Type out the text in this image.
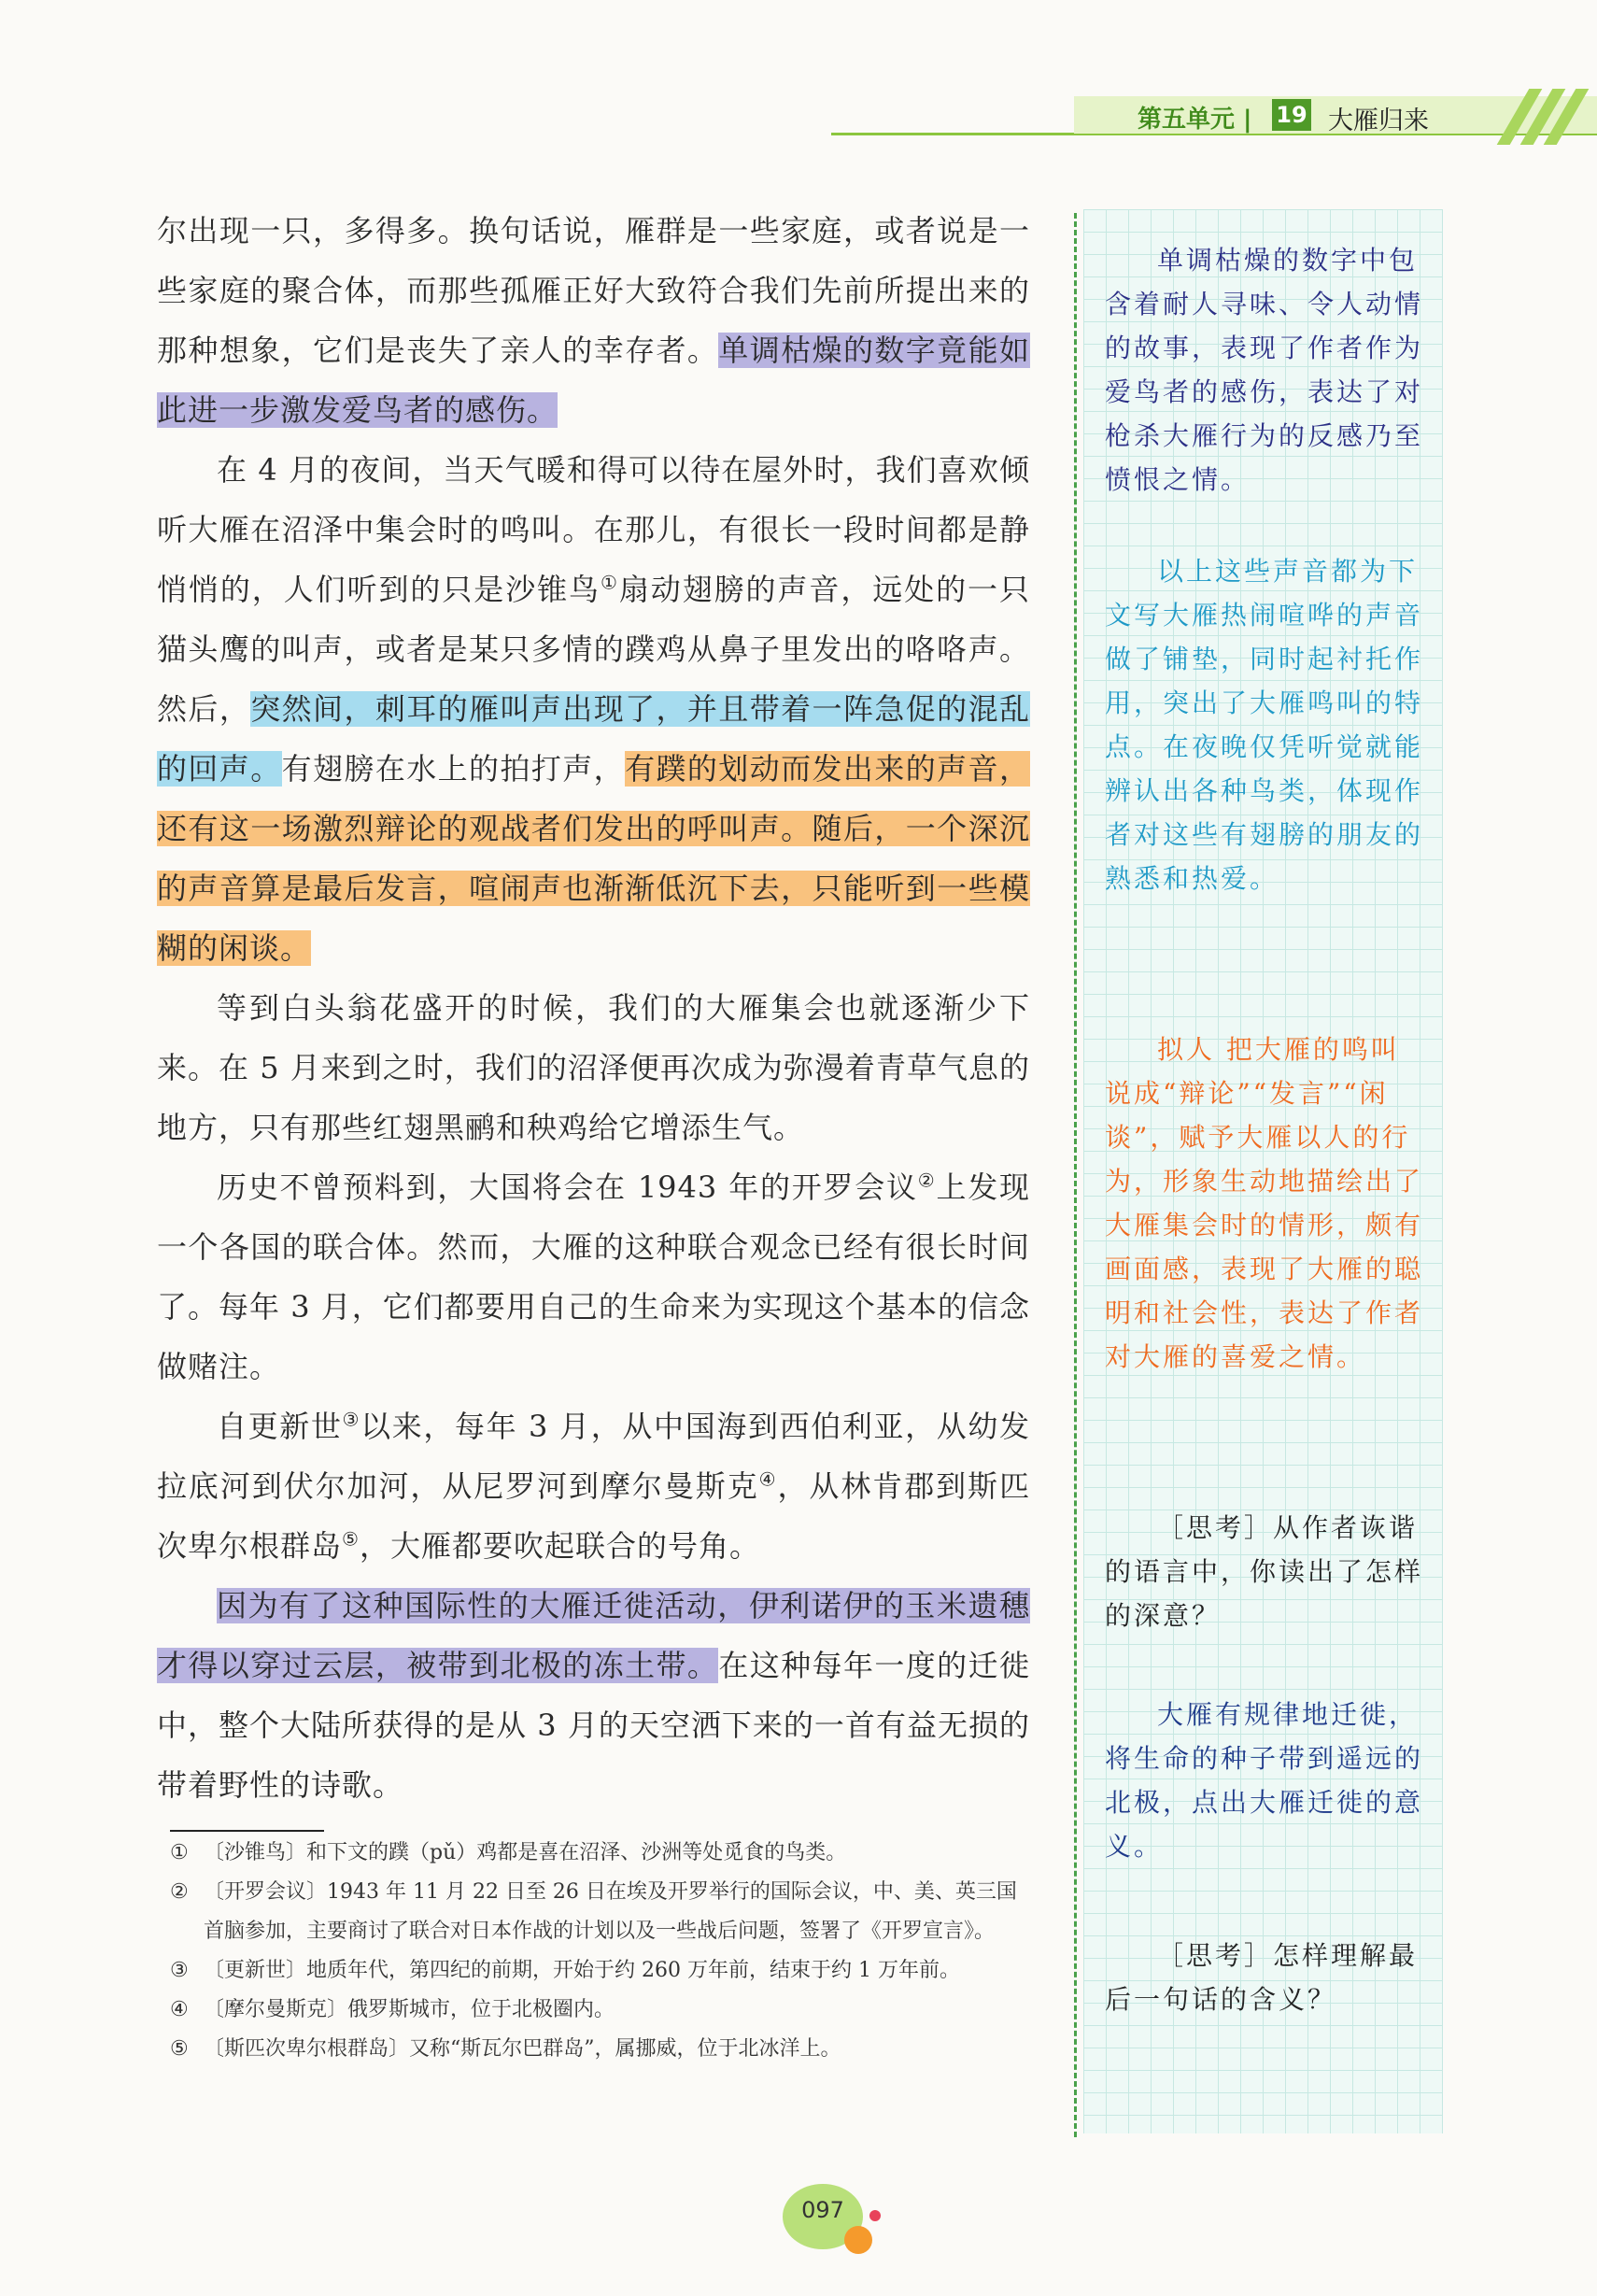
第五单元 | 19 大雁归来

尔出现一只，多得多。换句话说，雁群是一些家庭，或者说是一些家庭的聚合体，而那些孤雁正好大致符合我们先前所提出来的那种想象，它们是丧失了亲人的幸存者。单调枯燥的数字竟能如此进一步激发爱鸟者的感伤。

在 4 月的夜间，当天气暖和得可以待在屋外时，我们喜欢倾听大雁在沼泽中集会时的鸣叫。在那儿，有很长一段时间都是静悄悄的，人们听到的只是沙锥鸟①扇动翅膀的声音，远处的一只猫头鹰的叫声，或者是某只多情的蹼鸡从鼻子里发出的咯咯声。然后，突然间，刺耳的雁叫声出现了，并且带着一阵急促的混乱的回声。有翅膀在水上的拍打声，有蹼的划动而发出来的声音，还有这一场激烈辩论的观战者们发出的呼叫声。随后，一个深沉的声音算是最后发言，喧闹声也渐渐低沉下去，只能听到一些模糊的闲谈。

等到白头翁花盛开的时候，我们的大雁集会也就逐渐少下来。在 5 月来到之时，我们的沼泽便再次成为弥漫着青草气息的地方，只有那些红翅黑鹂和秧鸡给它增添生气。

历史不曾预料到，大国将会在 1943 年的开罗会议②上发现一个各国的联合体。然而，大雁的这种联合观念已经有很长时间了。每年 3 月，它们都要用自己的生命来为实现这个基本的信念做赌注。

自更新世③以来，每年 3 月，从中国海到西伯利亚，从幼发拉底河到伏尔加河，从尼罗河到摩尔曼斯克④，从林肯郡到斯匹次卑尔根群岛⑤，大雁都要吹起联合的号角。

因为有了这种国际性的大雁迁徙活动，伊利诺伊的玉米遗穗才得以穿过云层，被带到北极的冻土带。在这种每年一度的迁徙中，整个大陆所获得的是从 3 月的天空洒下来的一首有益无损的带着野性的诗歌。

单调枯燥的数字中包含着耐人寻味、令人动情的故事，表现了作者作为爱鸟者的感伤，表达了对枪杀大雁行为的反感乃至愤恨之情。
以上这些声音都为下文写大雁热闹喧哗的声音做了铺垫，同时起衬托作用，突出了大雁鸣叫的特点。在夜晚仅凭听觉就能辨认出各种鸟类，体现作者对这些有翅膀的朋友的熟悉和热爱。
拟人 把大雁的鸣叫说成“辩论”“发言”“闲谈”，赋予大雁以人的行为，形象生动地描绘出了大雁集会时的情形，颇有画面感，表现了大雁的聪明和社会性，表达了作者对大雁的喜爱之情。
［思考］从作者诙谐的语言中，你读出了怎样的深意？
大雁有规律地迁徙，将生命的种子带到遥远的北极，点出大雁迁徙的意义。
［思考］怎样理解最后一句话的含义？
① 〔沙锥鸟〕和下文的蹼（pǔ）鸡都是喜在沼泽、沙洲等处觅食的鸟类。
② 〔开罗会议〕1943 年 11 月 22 日至 26 日在埃及开罗举行的国际会议，中、美、英三国首脑参加，主要商讨了联合对日本作战的计划以及一些战后问题，签署了《开罗宣言》。
③ 〔更新世〕地质年代，第四纪的前期，开始于约 260 万年前，结束于约 1 万年前。
④ 〔摩尔曼斯克〕俄罗斯城市，位于北极圈内。
⑤ 〔斯匹次卑尔根群岛〕又称“斯瓦尔巴群岛”，属挪威，位于北冰洋上。
097
